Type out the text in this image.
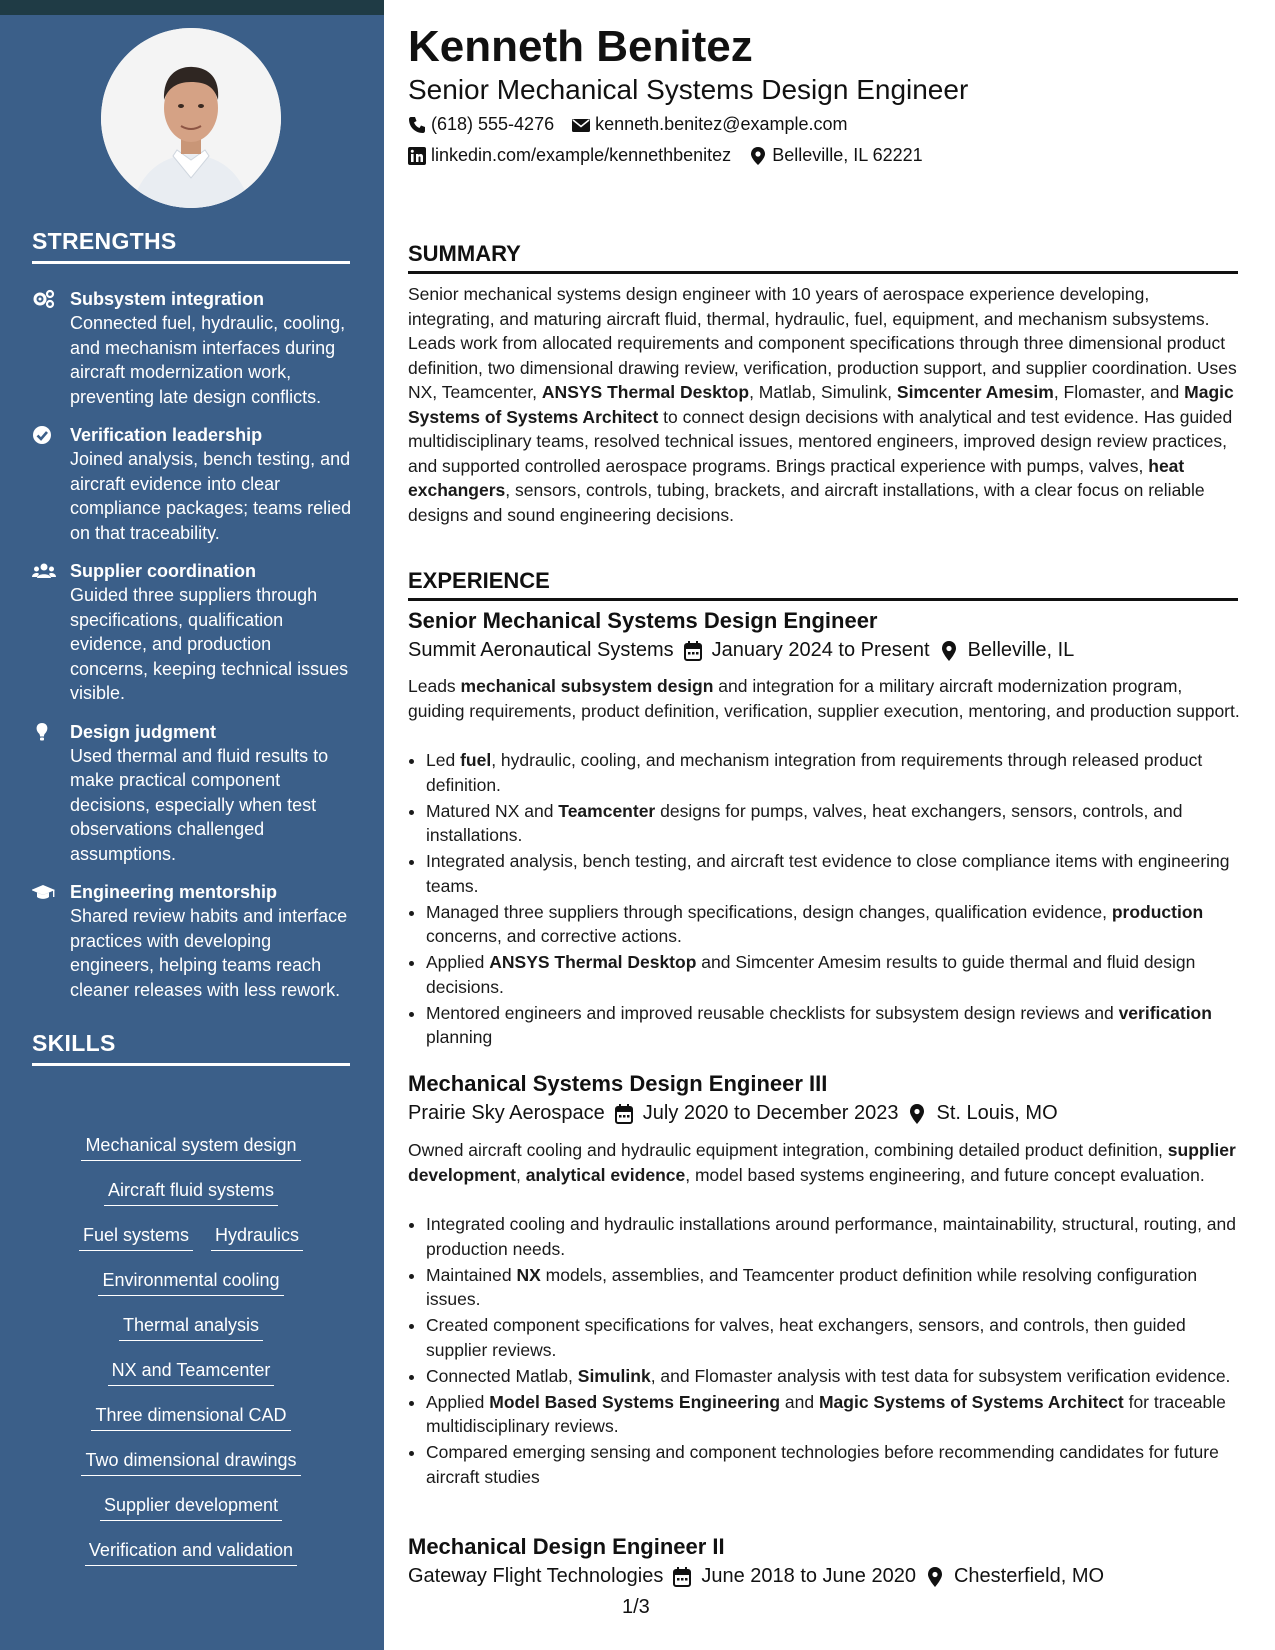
STRENGTHS
Subsystem integration
Connected fuel, hydraulic, cooling, and mechanism interfaces during aircraft modernization work, preventing late design conflicts.
Verification leadership
Joined analysis, bench testing, and aircraft evidence into clear compliance packages; teams relied on that traceability.
Supplier coordination
Guided three suppliers through specifications, qualification evidence, and production concerns, keeping technical issues visible.
Design judgment
Used thermal and fluid results to make practical component decisions, especially when test observations challenged assumptions.
Engineering mentorship
Shared review habits and interface practices with developing engineers, helping teams reach cleaner releases with less rework.
SKILLS
Mechanical system design
Aircraft fluid systems
Fuel systems Hydraulics
Environmental cooling
Thermal analysis
NX and Teamcenter
Three dimensional CAD
Two dimensional drawings
Supplier development
Verification and validation
Kenneth Benitez
Senior Mechanical Systems Design Engineer
(618) 555-4276 kenneth.benitez@example.com
linkedin.com/example/kennethbenitez Belleville, IL 62221
SUMMARY
Senior mechanical systems design engineer with 10 years of aerospace experience developing, integrating, and maturing aircraft fluid, thermal, hydraulic, fuel, equipment, and mechanism subsystems. Leads work from allocated requirements and component specifications through three dimensional product definition, two dimensional drawing review, verification, production support, and supplier coordination. Uses NX, Teamcenter, ANSYS Thermal Desktop, Matlab, Simulink, Simcenter Amesim, Flomaster, and Magic Systems of Systems Architect to connect design decisions with analytical and test evidence. Has guided multidisciplinary teams, resolved technical issues, mentored engineers, improved design review practices, and supported controlled aerospace programs. Brings practical experience with pumps, valves, heat exchangers, sensors, controls, tubing, brackets, and aircraft installations, with a clear focus on reliable designs and sound engineering decisions.
EXPERIENCE
Senior Mechanical Systems Design Engineer
Summit Aeronautical Systems January 2024 to Present Belleville, IL
Leads mechanical subsystem design and integration for a military aircraft modernization program, guiding requirements, product definition, verification, supplier execution, mentoring, and production support.
• Led fuel, hydraulic, cooling, and mechanism integration from requirements through released product definition.
• Matured NX and Teamcenter designs for pumps, valves, heat exchangers, sensors, controls, and installations.
• Integrated analysis, bench testing, and aircraft test evidence to close compliance items with engineering teams.
• Managed three suppliers through specifications, design changes, qualification evidence, production concerns, and corrective actions.
• Applied ANSYS Thermal Desktop and Simcenter Amesim results to guide thermal and fluid design decisions.
• Mentored engineers and improved reusable checklists for subsystem design reviews and verification planning
Mechanical Systems Design Engineer III
Prairie Sky Aerospace July 2020 to December 2023 St. Louis, MO
Owned aircraft cooling and hydraulic equipment integration, combining detailed product definition, supplier development, analytical evidence, model based systems engineering, and future concept evaluation.
• Integrated cooling and hydraulic installations around performance, maintainability, structural, routing, and production needs.
• Maintained NX models, assemblies, and Teamcenter product definition while resolving configuration issues.
• Created component specifications for valves, heat exchangers, sensors, and controls, then guided supplier reviews.
• Connected Matlab, Simulink, and Flomaster analysis with test data for subsystem verification evidence.
• Applied Model Based Systems Engineering and Magic Systems of Systems Architect for traceable multidisciplinary reviews.
• Compared emerging sensing and component technologies before recommending candidates for future aircraft studies
Mechanical Design Engineer II
Gateway Flight Technologies June 2018 to June 2020 Chesterfield, MO
1/3
